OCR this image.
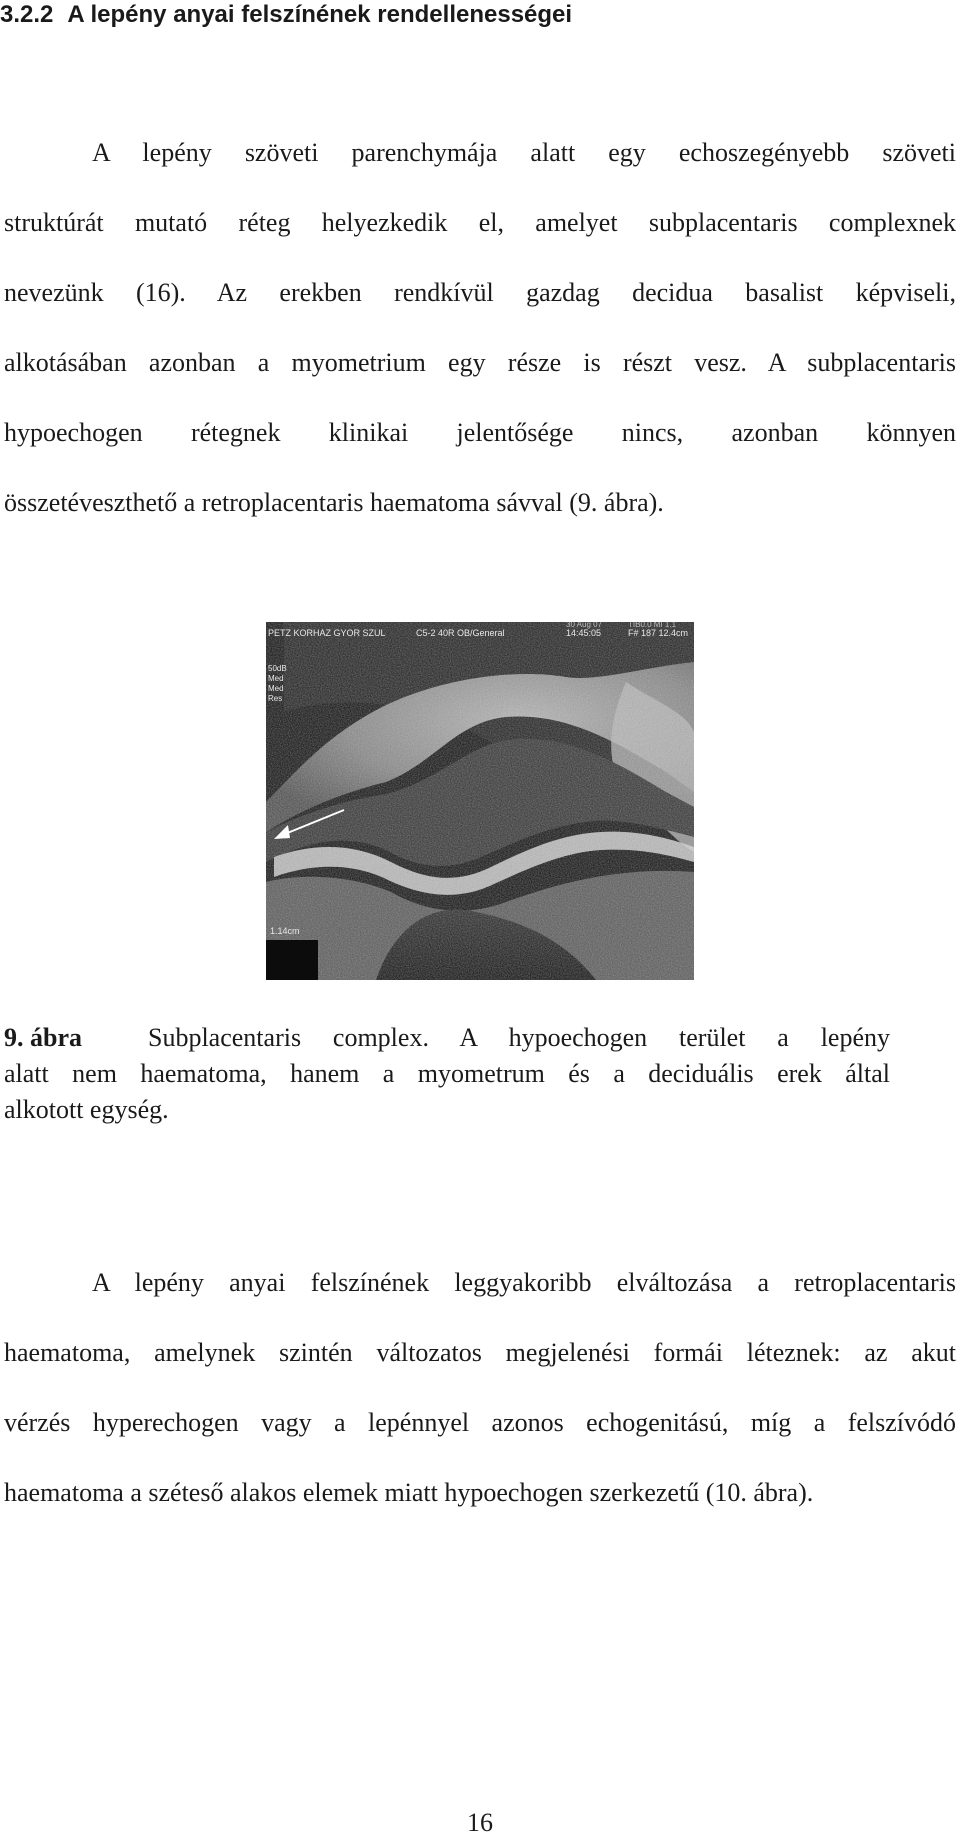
3.2.2 A lepény anyai felszínének rendellenességei
A lepény szöveti parenchymája alatt egy echoszegényebb szöveti
struktúrát mutató réteg helyezkedik el, amelyet subplacentaris complexnek
nevezünk (16). Az erekben rendkívül gazdag decidua basalist képviseli,
alkotásában azonban a myometrium egy része is részt vesz. A subplacentaris
hypoechogen rétegnek klinikai jelentősége nincs, azonban könnyen
összetéveszthető a retroplacentaris haematoma sávval (9. ábra).
PETZ KORHAZ GYOR SZUL	C5-2 40R OB/General
30 Aug 07
14:45:05
TIB0.0 MI 1.1
F# 187 12.4cm
50dB
Med
Med
Res
1.14cm
9. ábra	Subplacentaris complex. A hypoechogen terület a lepény
alatt nem haematoma, hanem a myometrum és a deciduális erek által
alkotott egység.
A lepény anyai felszínének leggyakoribb elváltozása a retroplacentaris
haematoma, amelynek szintén változatos megjelenési formái léteznek: az akut
vérzés hyperechogen vagy a lepénnyel azonos echogenitású, míg a felszívódó
haematoma a széteső alakos elemek miatt hypoechogen szerkezetű (10. ábra).
16
